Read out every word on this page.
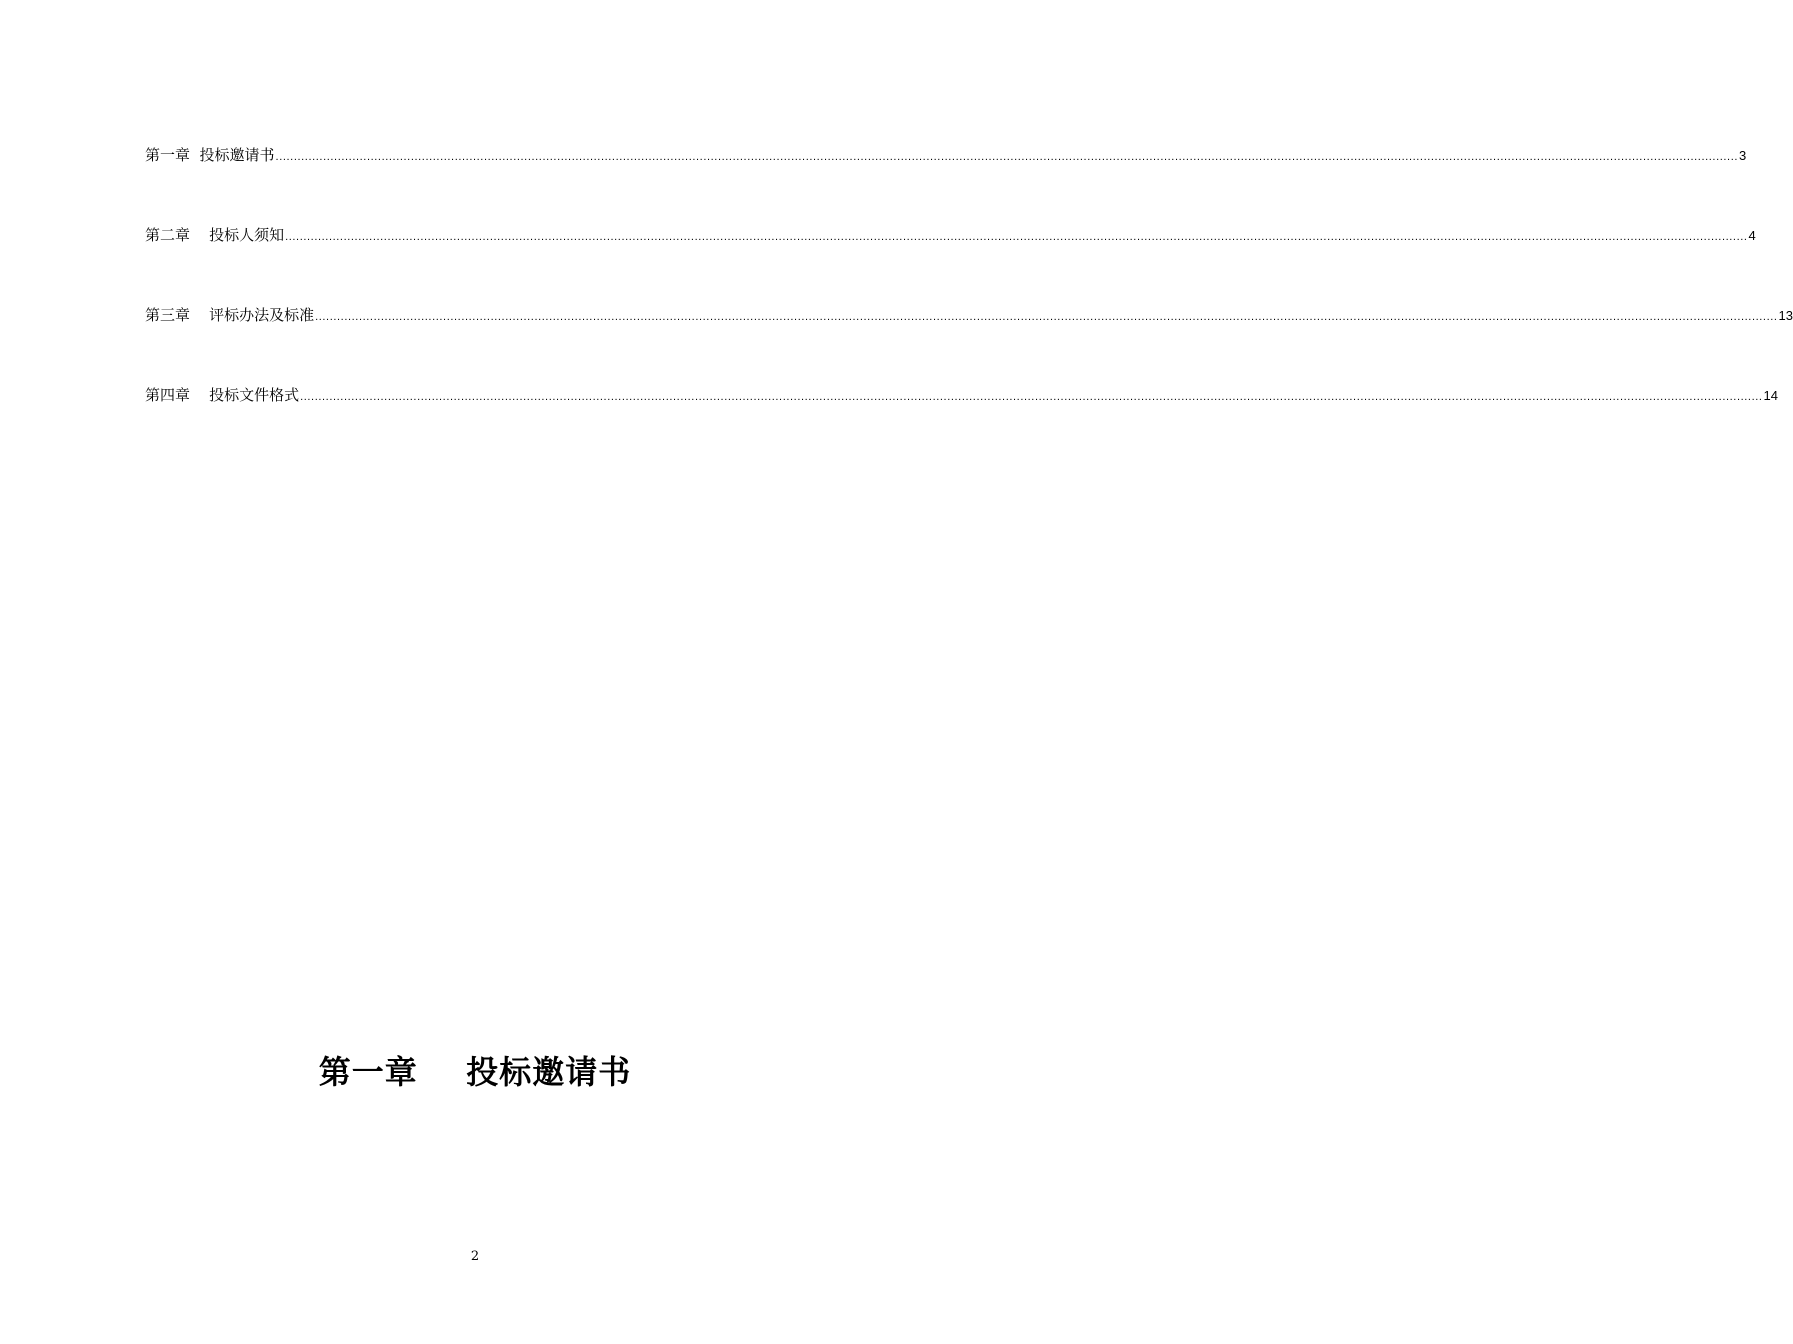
第一章  投标邀请书 ................................................................................................................................................................................................................................................................................................................................................................................................................ 3
第二章    投标人须知 ................................................................................................................................................................................................................................................................................................................................................................................................................ 4
第三章    评标办法及标准 ................................................................................................................................................................................................................................................................................................................................................................................................................ 13
第四章    投标文件格式 ................................................................................................................................................................................................................................................................................................................................................................................................................ 14
第一章    投标邀请书
2
